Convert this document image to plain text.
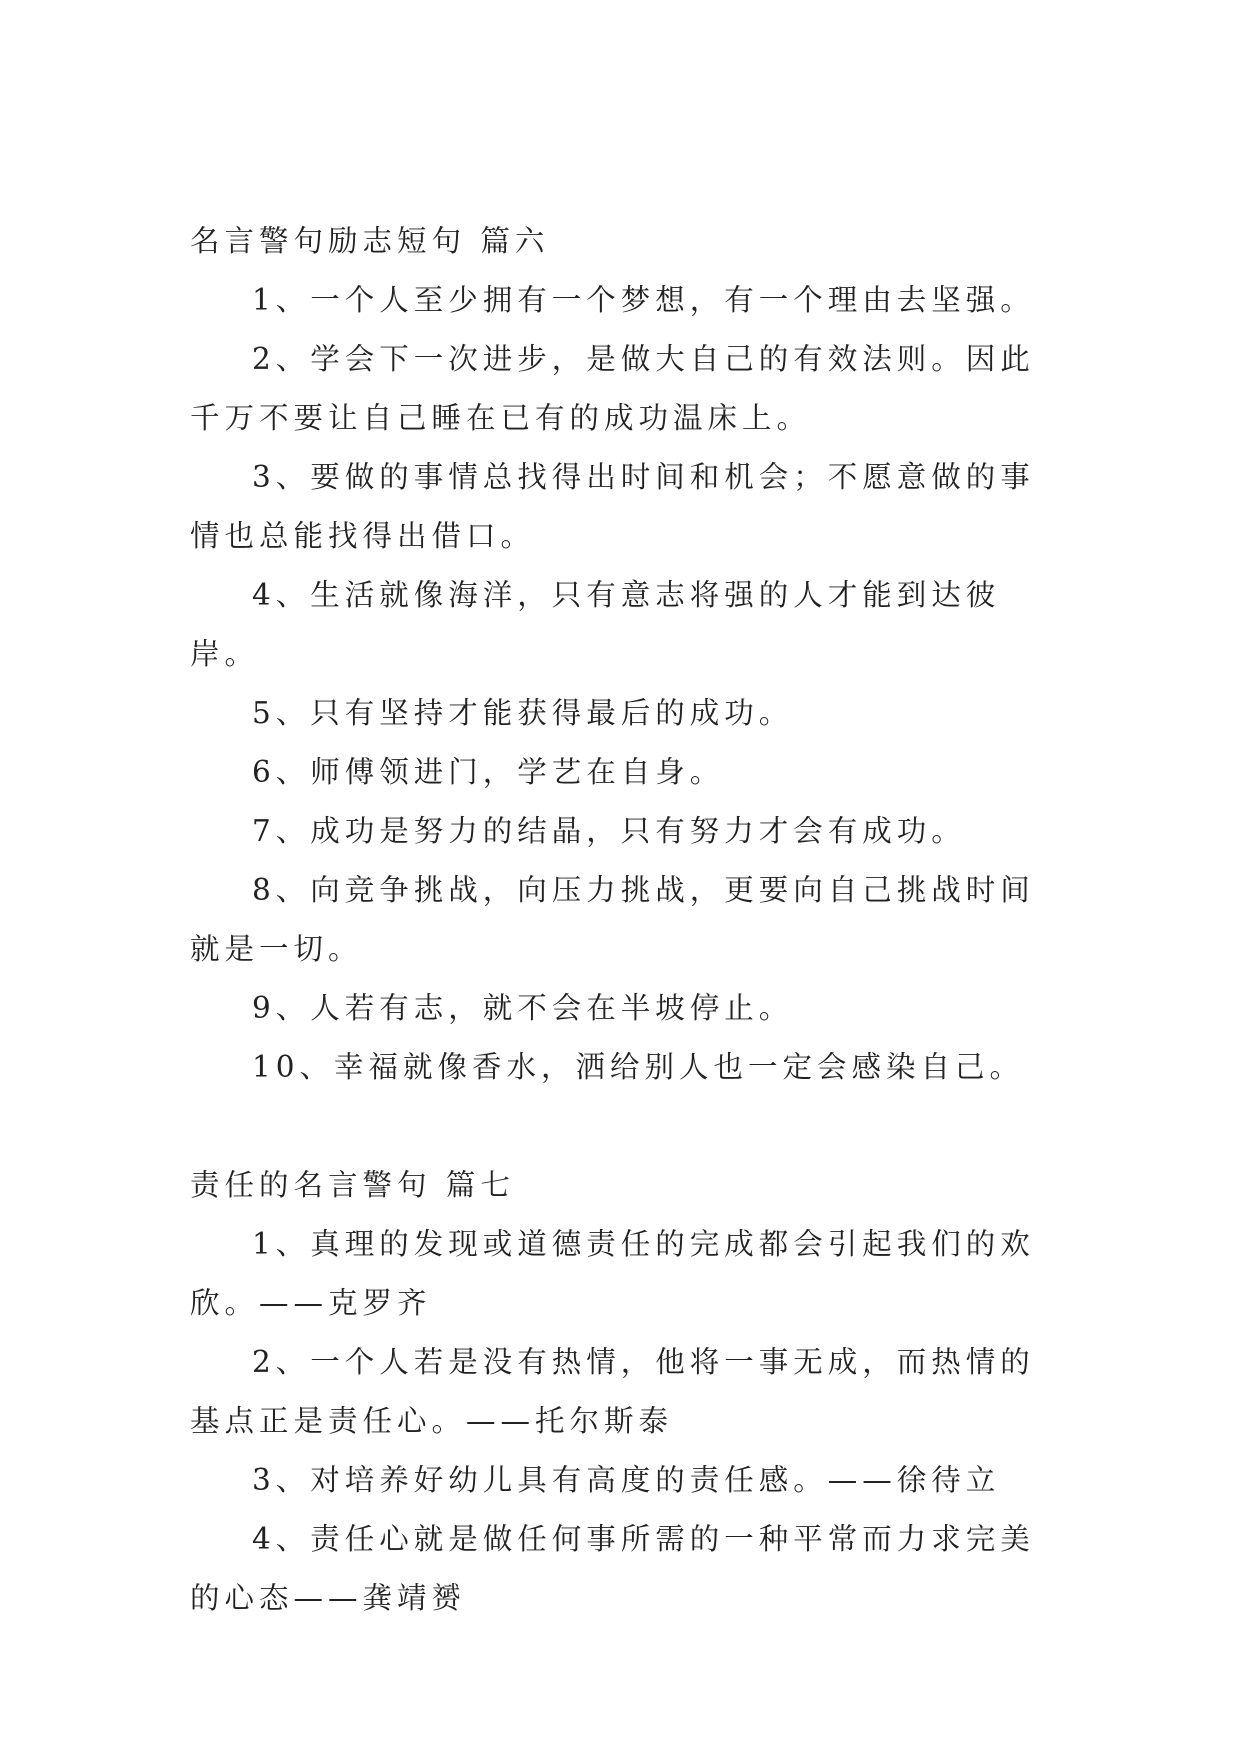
名言警句励志短句 篇六

1、一个人至少拥有一个梦想，有一个理由去坚强。

2、学会下一次进步，是做大自己的有效法则。因此千万不要让自己睡在已有的成功温床上。

3、要做的事情总找得出时间和机会；不愿意做的事情也总能找得出借口。

4、生活就像海洋，只有意志将强的人才能到达彼岸。

5、只有坚持才能获得最后的成功。

6、师傅领进门，学艺在自身。

7、成功是努力的结晶，只有努力才会有成功。

8、向竞争挑战，向压力挑战，更要向自己挑战时间就是一切。

9、人若有志，就不会在半坡停止。

10、幸福就像香水，洒给别人也一定会感染自己。

责任的名言警句 篇七

1、真理的发现或道德责任的完成都会引起我们的欢欣。——克罗齐

2、一个人若是没有热情，他将一事无成，而热情的基点正是责任心。——托尔斯泰

3、对培养好幼儿具有高度的责任感。——徐待立

4、责任心就是做任何事所需的一种平常而力求完美的心态——龚靖赟
